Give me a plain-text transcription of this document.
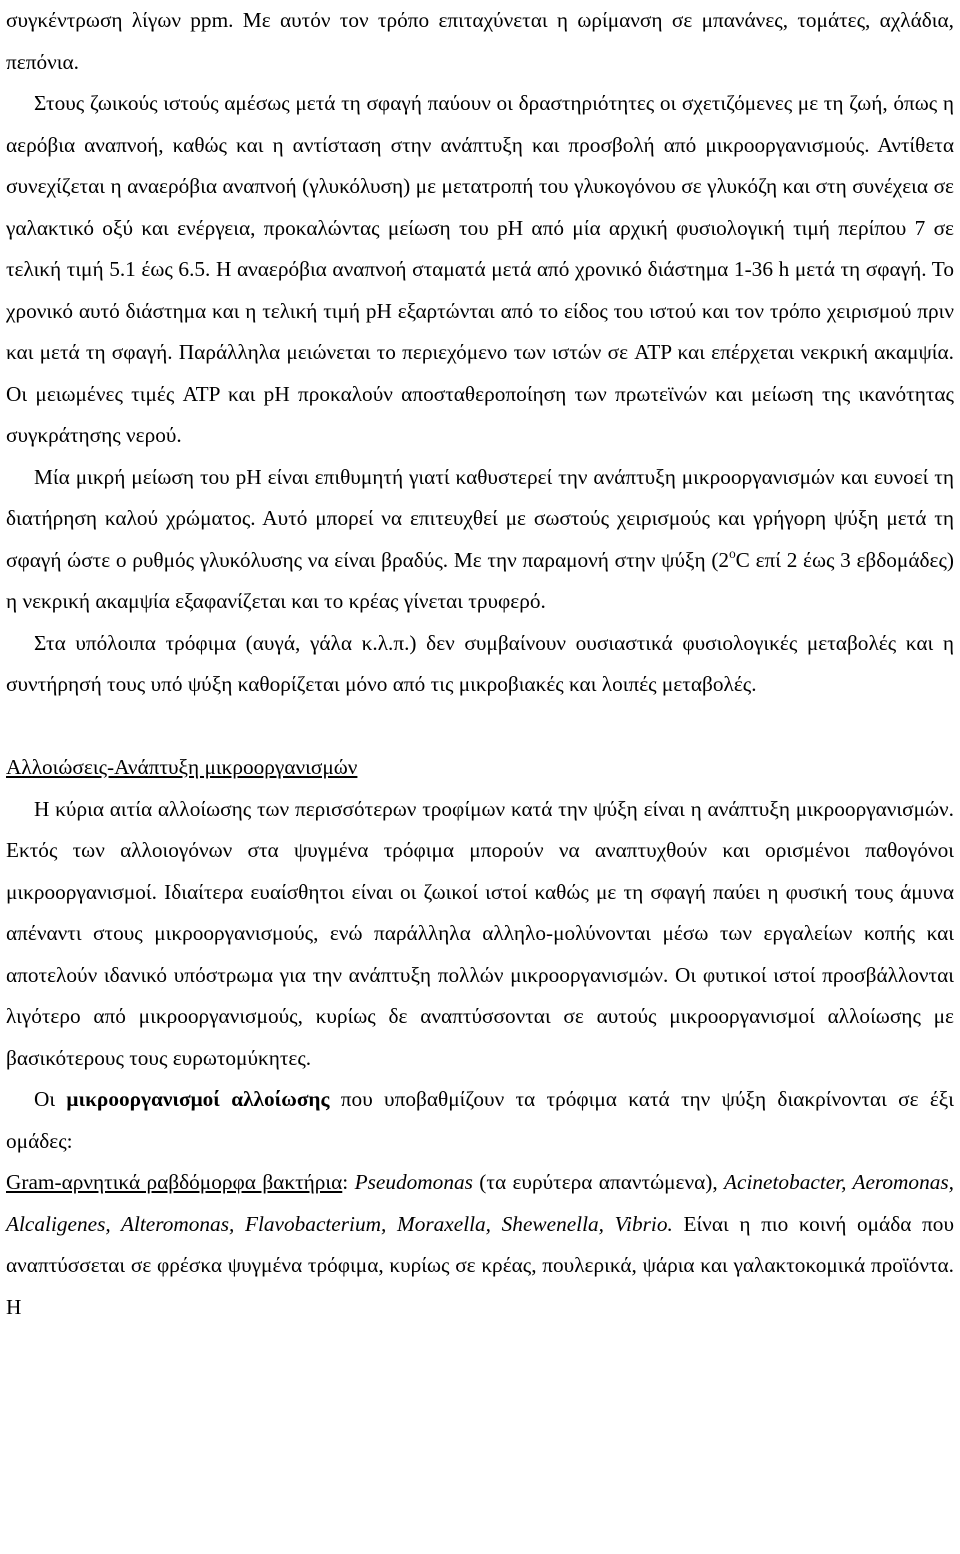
συγκέντρωση λίγων ppm. Με αυτόν τον τρόπο επιταχύνεται η ωρίμανση σε μπανάνες, τομάτες, αχλάδια, πεπόνια.

Στους ζωικούς ιστούς αμέσως μετά τη σφαγή παύουν οι δραστηριότητες οι σχετιζόμενες με τη ζωή, όπως η αερόβια αναπνοή, καθώς και η αντίσταση στην ανάπτυξη και προσβολή από μικροοργανισμούς. Αντίθετα συνεχίζεται η αναερόβια αναπνοή (γλυκόλυση) με μετατροπή του γλυκογόνου σε γλυκόζη και στη συνέχεια σε γαλακτικό οξύ και ενέργεια, προκαλώντας μείωση του pH από μία αρχική φυσιολογική τιμή περίπου 7 σε τελική τιμή 5.1 έως 6.5. Η αναερόβια αναπνοή σταματά μετά από χρονικό διάστημα 1-36 h μετά τη σφαγή. Το χρονικό αυτό διάστημα και η τελική τιμή pH εξαρτώνται από το είδος του ιστού και τον τρόπο χειρισμού πριν και μετά τη σφαγή. Παράλληλα μειώνεται το περιεχόμενο των ιστών σε ATP και επέρχεται νεκρική ακαμψία. Οι μειωμένες τιμές ATP και pH προκαλούν αποσταθεροποίηση των πρωτεϊνών και μείωση της ικανότητας συγκράτησης νερού.

Μία μικρή μείωση του pH είναι επιθυμητή γιατί καθυστερεί την ανάπτυξη μικροοργανισμών και ευνοεί τη διατήρηση καλού χρώματος. Αυτό μπορεί να επιτευχθεί με σωστούς χειρισμούς και γρήγορη ψύξη μετά τη σφαγή ώστε ο ρυθμός γλυκόλυσης να είναι βραδύς. Με την παραμονή στην ψύξη (2$^o$C επί 2 έως 3 εβδομάδες) η νεκρική ακαμψία εξαφανίζεται και το κρέας γίνεται τρυφερό.

Στα υπόλοιπα τρόφιμα (αυγά, γάλα κ.λ.π.) δεν συμβαίνουν ουσιαστικά φυσιολογικές μεταβολές και η συντήρησή τους υπό ψύξη καθορίζεται μόνο από τις μικροβιακές και λοιπές μεταβολές.

Αλλοιώσεις-Ανάπτυξη μικροοργανισμών

Η κύρια αιτία αλλοίωσης των περισσότερων τροφίμων κατά την ψύξη είναι η ανάπτυξη μικροοργανισμών. Εκτός των αλλοιογόνων στα ψυγμένα τρόφιμα μπορούν να αναπτυχθούν και ορισμένοι παθογόνοι μικροοργανισμοί. Ιδιαίτερα ευαίσθητοι είναι οι ζωικοί ιστοί καθώς με τη σφαγή παύει η φυσική τους άμυνα απέναντι στους μικροοργανισμούς, ενώ παράλληλα αλληλο-μολύνονται μέσω των εργαλείων κοπής και αποτελούν ιδανικό υπόστρωμα για την ανάπτυξη πολλών μικροοργανισμών. Οι φυτικοί ιστοί προσβάλλονται λιγότερο από μικροοργανισμούς, κυρίως δε αναπτύσσονται σε αυτούς μικροοργανισμοί αλλοίωσης με βασικότερους τους ευρωτομύκητες.

Οι μικροοργανισμοί αλλοίωσης που υποβαθμίζουν τα τρόφιμα κατά την ψύξη διακρίνονται σε έξι ομάδες:

Gram-αρνητικά ραβδόμορφα βακτήρια: Pseudomonas (τα ευρύτερα απαντώμενα), Acinetobacter, Aeromonas, Alcaligenes, Alteromonas, Flavobacterium, Moraxella, Shewenella, Vibrio. Είναι η πιο κοινή ομάδα που αναπτύσσεται σε φρέσκα ψυγμένα τρόφιμα, κυρίως σε κρέας, πουλερικά, ψάρια και γαλακτοκομικά προϊόντα. Η
